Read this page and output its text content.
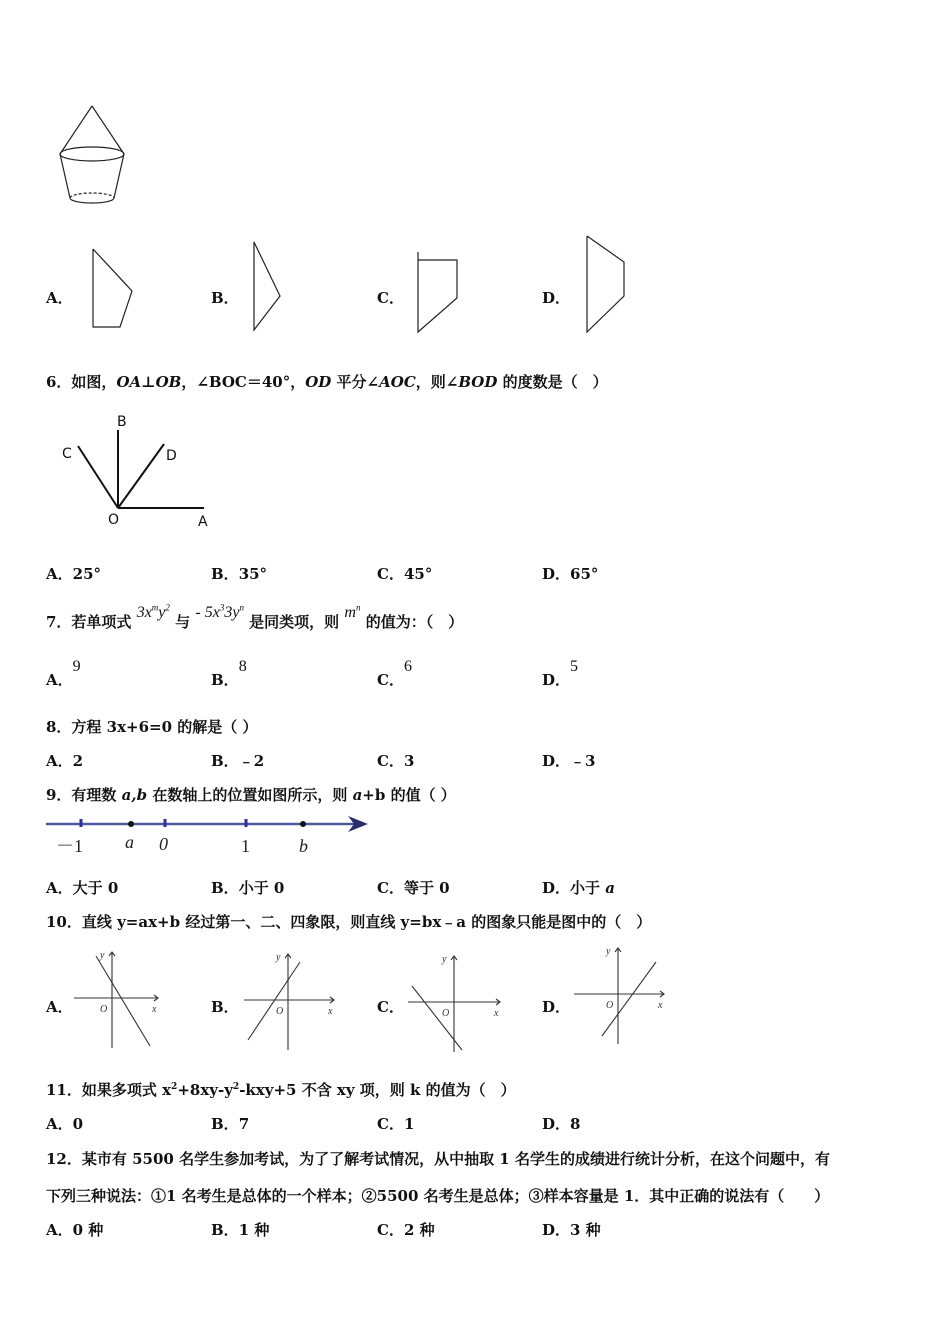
A．	B．	C．	D．
6．如图，OA⊥OB，∠BOC＝40°，OD 平分∠AOC，则∠BOD 的度数是（　）
B
C	D
O	A
A．25°	B．35°	C．45°	D．65°
7．若单项式 $3x^my^2$ 与 - $5x^33y^n$ 是同类项，则 $m^n$ 的值为：（　）
A．9
B．8
C．6
D．5
8．方程 3x+6=0 的解是（ ）
A．2	B．﹣2	C．3	D．﹣3
9．有理数 a,b 在数轴上的位置如图所示，则 a+b 的值（ ）
－1 a 0	1	b
A．大于 0	B．小于 0	C．等于 0	D．小于 a
10．直线 y=ax+b 经过第一、二、四象限，则直线 y=bx﹣a 的图象只能是图中的（　）
A．
y
O	x	B．
y
O	x	C．
y
O	x	D．
y
O	x
11．如果多项式 $x^2+8xy-y^2-kxy+5$ 不含 xy 项，则 k 的值为（　）
A．0	B．7	C．1	D．8
12．某市有 5500 名学生参加考试，为了了解考试情况，从中抽取 1 名学生的成绩进行统计分析，在这个问题中，有
下列三种说法：①1 名考生是总体的一个样本；②5500 名考生是总体；③样本容量是 1．其中正确的说法有（　　）
A．0 种	B．1 种	C．2 种	D．3 种
